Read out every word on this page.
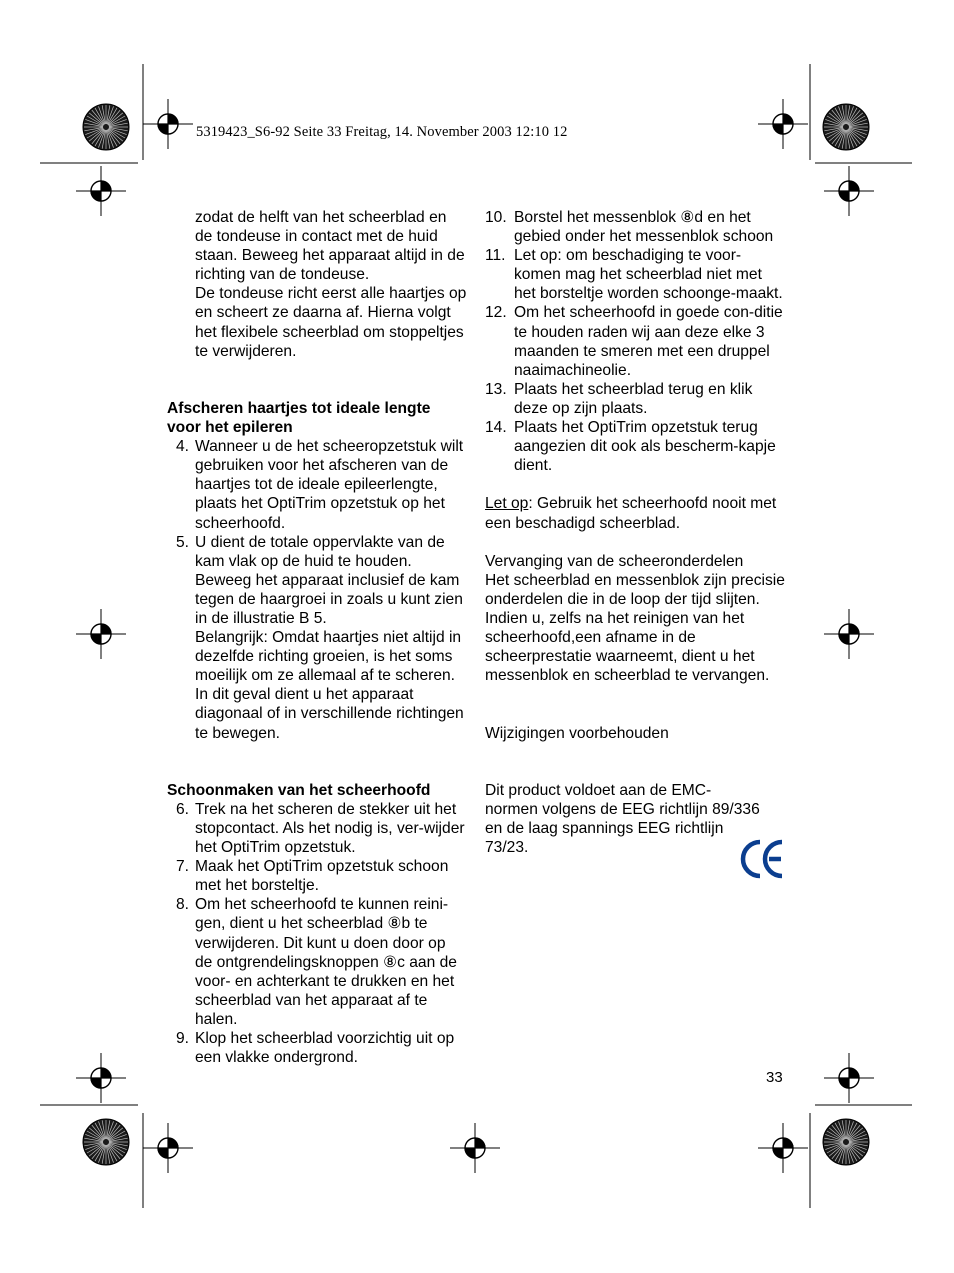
5319423_S6-92 Seite 33 Freitag, 14. November 2003 12:10 12

zodat de helft van het scheerblad en de tondeuse in contact met de huid staan. Beweeg het apparaat altijd in de richting van de tondeuse.

De tondeuse richt eerst alle haartjes op en scheert ze daarna af. Hierna volgt het flexibele scheerblad om stoppeltjes te verwijderen.

Afscheren haartjes tot ideale lengte voor het epileren

4. Wanneer u de het scheeropzetstuk wilt gebruiken voor het afscheren van de haartjes tot de ideale epileerlengte, plaats het OptiTrim opzetstuk op het scheerhoofd.

5. U dient de totale oppervlakte van de kam vlak op de huid te houden. Beweeg het apparaat inclusief de kam tegen de haargroei in zoals u kunt zien in de illustratie B 5.

Belangrijk: Omdat haartjes niet altijd in dezelfde richting groeien, is het soms moeilijk om ze allemaal af te scheren.

In dit geval dient u het apparaat diagonaal of in verschillende richtingen te bewegen.

Schoonmaken van het scheerhoofd

6. Trek na het scheren de stekker uit het stopcontact. Als het nodig is, ver-wijder het OptiTrim opzetstuk.

7. Maak het OptiTrim opzetstuk schoon met het borsteltje.

8. Om het scheerhoofd te kunnen reini-gen, dient u het scheerblad ⑧b te verwijderen. Dit kunt u doen door op de ontgrendelingsknoppen ⑧c aan de voor- en achterkant te drukken en het scheerblad van het apparaat af te halen.

9. Klop het scheerblad voorzichtig uit op een vlakke ondergrond.

10. Borstel het messenblok ⑧d en het gebied onder het messenblok schoon

11. Let op: om beschadiging te voor-komen mag het scheerblad niet met het borsteltje worden schoonge-maakt.

12. Om het scheerhoofd in goede con-ditie te houden raden wij aan deze elke 3 maanden te smeren met een druppel naaimachineolie.

13. Plaats het scheerblad terug en klik deze op zijn plaats.

14. Plaats het OptiTrim opzetstuk terug aangezien dit ook als bescherm-kapje dient.

Let op: Gebruik het scheerhoofd nooit met een beschadigd scheerblad.

Vervanging van de scheeronderdelen

Het scheerblad en messenblok zijn precisie onderdelen die in de loop der tijd slijten. Indien u, zelfs na het reinigen van het scheerhoofd,een afname in de scheerprestatie waarneemt, dient u het messenblok en scheerblad te vervangen.

Wijzigingen voorbehouden

Dit product voldoet aan de EMC-normen volgens de EEG richtlijn 89/336 en de laag spannings EEG richtlijn 73/23.

33
